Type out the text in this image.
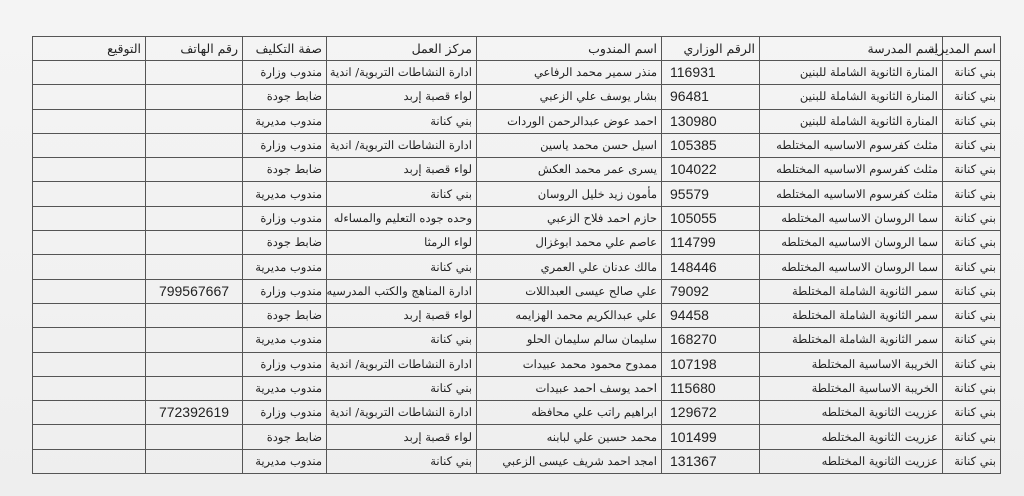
اسم المديرية	اسم المدرسة	الرقم الوزاري	اسم المندوب	مركز العمل	صفة التكليف	رقم الهاتف	التوقيع
بني كنانة	المنارة الثانوية الشاملة للبنين	116931	منذر سمير محمد الرفاعي	ادارة النشاطات التربوية/ اندية	مندوب وزارة		
بني كنانة	المنارة الثانوية الشاملة للبنين	96481	بشار يوسف علي الزعبي	لواء قصبة إربد	ضابط جودة		
بني كنانة	المنارة الثانوية الشاملة للبنين	130980	احمد عوض عبدالرحمن الوردات	بني كنانة	مندوب مديرية		
بني كنانة	مثلث كفرسوم الاساسيه المختلطه	105385	اسيل حسن محمد ياسين	ادارة النشاطات التربوية/ اندية	مندوب وزارة		
بني كنانة	مثلث كفرسوم الاساسيه المختلطه	104022	يسرى عمر محمد العكش	لواء قصبة إربد	ضابط جودة		
بني كنانة	مثلث كفرسوم الاساسيه المختلطه	95579	مأمون زيد خليل الروسان	بني كنانة	مندوب مديرية		
بني كنانة	سما الروسان الاساسيه المختلطه	105055	حازم احمد فلاح الزعبي	وحده جوده التعليم والمساءله	مندوب وزارة		
بني كنانة	سما الروسان الاساسيه المختلطه	114799	عاصم علي محمد ابوغزال	لواء الرمثا	ضابط جودة		
بني كنانة	سما الروسان الاساسيه المختلطه	148446	مالك عدنان علي العمري	بني كنانة	مندوب مديرية		
بني كنانة	سمر الثانوية الشاملة المختلطة	79092	علي صالح عيسى العبداللات	ادارة المناهج والكتب المدرسيه	مندوب وزارة	799567667	
بني كنانة	سمر الثانوية الشاملة المختلطة	94458	علي عبدالكريم محمد الهزايمه	لواء قصبة إربد	ضابط جودة		
بني كنانة	سمر الثانوية الشاملة المختلطة	168270	سليمان سالم سليمان الحلو	بني كنانة	مندوب مديرية		
بني كنانة	الخريبة الاساسية المختلطة	107198	ممدوح محمود محمد عبيدات	ادارة النشاطات التربوية/ اندية	مندوب وزارة		
بني كنانة	الخريبة الاساسية المختلطة	115680	احمد يوسف احمد عبيدات	بني كنانة	مندوب مديرية		
بني كنانة	عزريت الثانوية المختلطه	129672	ابراهيم راتب علي محافظه	ادارة النشاطات التربوية/ اندية	مندوب وزارة	772392619	
بني كنانة	عزريت الثانوية المختلطه	101499	محمد حسين علي لبابنه	لواء قصبة إربد	ضابط جودة		
بني كنانة	عزريت الثانوية المختلطه	131367	امجد احمد شريف عيسى الزعبي	بني كنانة	مندوب مديرية		
